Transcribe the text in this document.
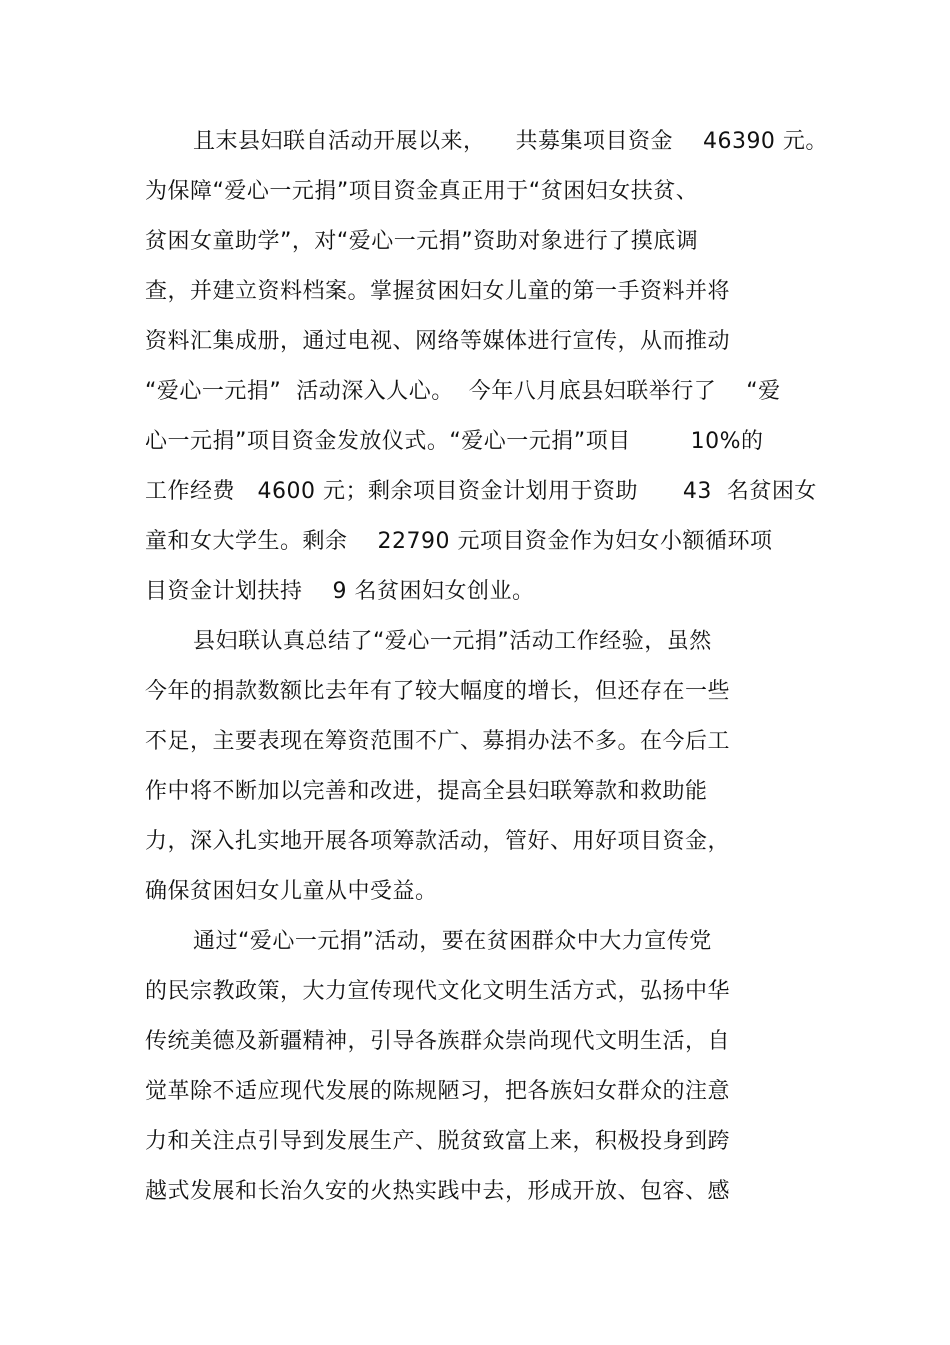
且末县妇联自活动开展以来，    共募集项目资金    46390 元。
为保障“爱心一元捐”项目资金真正用于“贫困妇女扶贫、
贫困女童助学”，对“爱心一元捐”资助对象进行了摸底调
查，并建立资料档案。掌握贫困妇女儿童的第一手资料并将
资料汇集成册，通过电视、网络等媒体进行宣传，从而推动
“爱心一元捐”  活动深入人心。  今年八月底县妇联举行了    “爱
心一元捐”项目资金发放仪式。“爱心一元捐”项目        10%的
工作经费   4600 元；剩余项目资金计划用于资助      43  名贫困女
童和女大学生。剩余    22790 元项目资金作为妇女小额循环项
目资金计划扶持    9 名贫困妇女创业。
县妇联认真总结了“爱心一元捐”活动工作经验，虽然
今年的捐款数额比去年有了较大幅度的增长，但还存在一些
不足，主要表现在筹资范围不广、募捐办法不多。在今后工
作中将不断加以完善和改进，提高全县妇联筹款和救助能
力，深入扎实地开展各项筹款活动，管好、用好项目资金，
确保贫困妇女儿童从中受益。
通过“爱心一元捐”活动，要在贫困群众中大力宣传党
的民宗教政策，大力宣传现代文化文明生活方式，弘扬中华
传统美德及新疆精神，引导各族群众崇尚现代文明生活，自
觉革除不适应现代发展的陈规陋习，把各族妇女群众的注意
力和关注点引导到发展生产、脱贫致富上来，积极投身到跨
越式发展和长治久安的火热实践中去，形成开放、包容、感
